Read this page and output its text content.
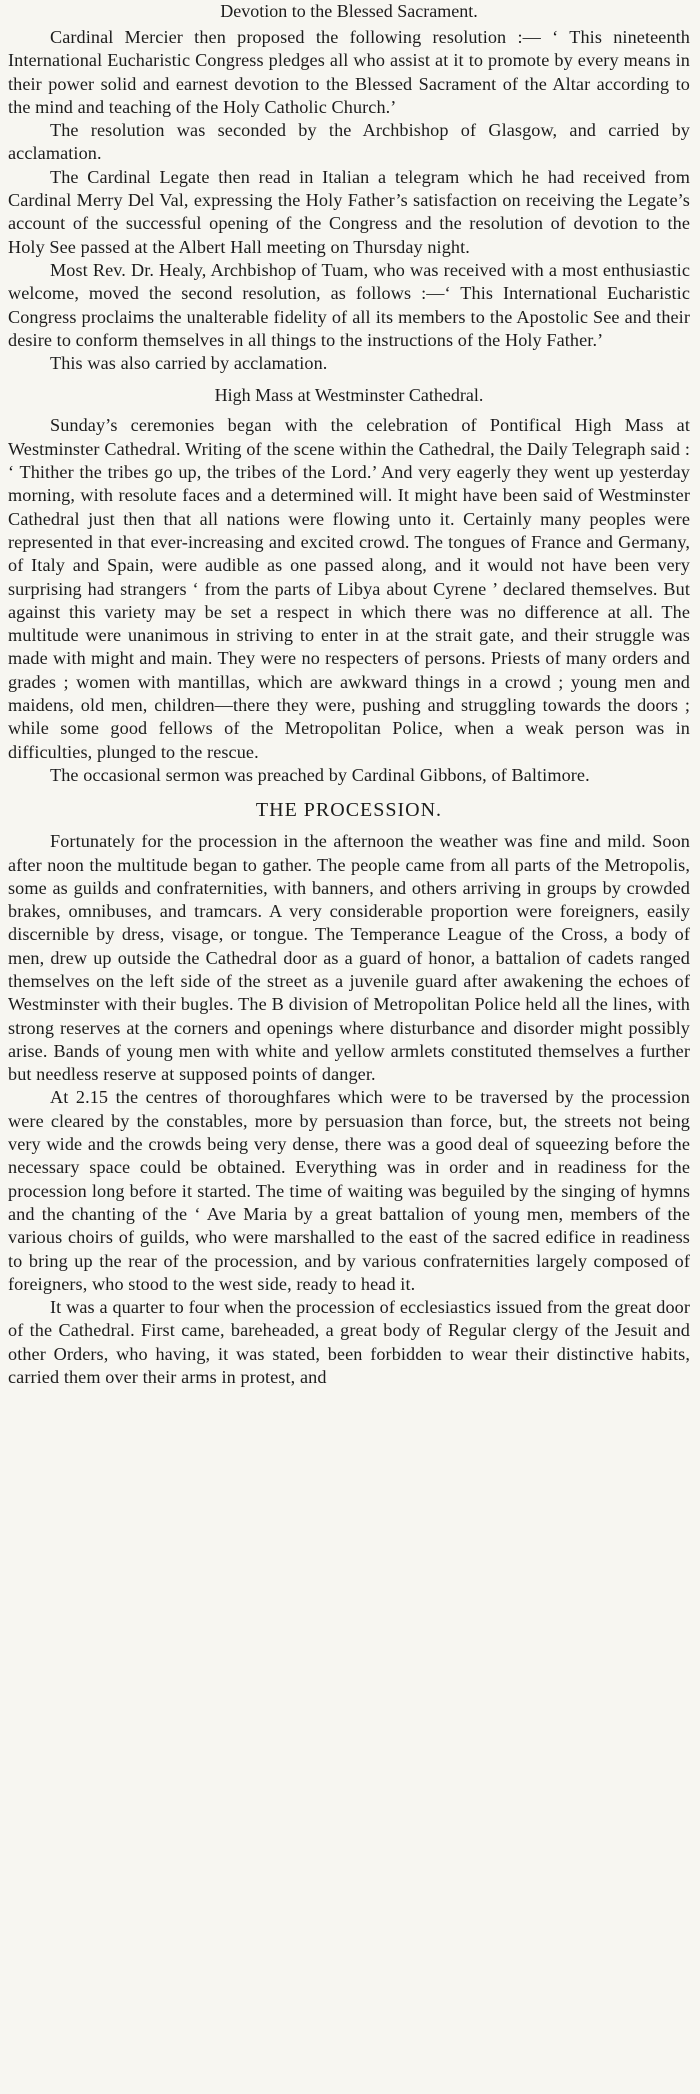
Devotion to the Blessed Sacrament.

Cardinal Mercier then proposed the following resolution :— ‘ This nineteenth International Eucharistic Congress pledges all who assist at it to promote by every means in their power solid and earnest devotion to the Blessed Sacrament of the Altar according to the mind and teaching of the Holy Catholic Church.’

The resolution was seconded by the Archbishop of Glasgow, and carried by acclamation.

The Cardinal Legate then read in Italian a telegram which he had received from Cardinal Merry Del Val, expressing the Holy Father’s satisfaction on receiving the Legate’s account of the successful opening of the Congress and the resolution of devotion to the Holy See passed at the Albert Hall meeting on Thursday night.

Most Rev. Dr. Healy, Archbishop of Tuam, who was received with a most enthusiastic welcome, moved the second resolution, as follows :—‘ This International Eucharistic Congress proclaims the unalterable fidelity of all its members to the Apostolic See and their desire to conform themselves in all things to the instructions of the Holy Father.’

This was also carried by acclamation.

High Mass at Westminster Cathedral.

Sunday’s ceremonies began with the celebration of Pontifical High Mass at Westminster Cathedral. Writing of the scene within the Cathedral, the Daily Telegraph said : ‘ Thither the tribes go up, the tribes of the Lord.’ And very eagerly they went up yesterday morning, with resolute faces and a determined will. It might have been said of Westminster Cathedral just then that all nations were flowing unto it. Certainly many peoples were represented in that ever-increasing and excited crowd. The tongues of France and Germany, of Italy and Spain, were audible as one passed along, and it would not have been very surprising had strangers ‘ from the parts of Libya about Cyrene ’ declared themselves. But against this variety may be set a respect in which there was no difference at all. The multitude were unanimous in striving to enter in at the strait gate, and their struggle was made with might and main. They were no respecters of persons. Priests of many orders and grades ; women with mantillas, which are awkward things in a crowd ; young men and maidens, old men, children—there they were, pushing and struggling towards the doors ; while some good fellows of the Metropolitan Police, when a weak person was in difficulties, plunged to the rescue.

The occasional sermon was preached by Cardinal Gibbons, of Baltimore.

THE PROCESSION.

Fortunately for the procession in the afternoon the weather was fine and mild. Soon after noon the multitude began to gather. The people came from all parts of the Metropolis, some as guilds and confraternities, with banners, and others arriving in groups by crowded brakes, omnibuses, and tramcars. A very considerable proportion were foreigners, easily discernible by dress, visage, or tongue. The Temperance League of the Cross, a body of men, drew up outside the Cathedral door as a guard of honor, a battalion of cadets ranged themselves on the left side of the street as a juvenile guard after awakening the echoes of Westminster with their bugles. The B division of Metropolitan Police held all the lines, with strong reserves at the corners and openings where disturbance and disorder might possibly arise. Bands of young men with white and yellow armlets constituted themselves a further but needless reserve at supposed points of danger.

At 2.15 the centres of thoroughfares which were to be traversed by the procession were cleared by the constables, more by persuasion than force, but, the streets not being very wide and the crowds being very dense, there was a good deal of squeezing before the necessary space could be obtained. Everything was in order and in readiness for the procession long before it started. The time of waiting was beguiled by the singing of hymns and the chanting of the ‘ Ave Maria by a great battalion of young men, members of the various choirs of guilds, who were marshalled to the east of the sacred edifice in readiness to bring up the rear of the procession, and by various confraternities largely composed of foreigners, who stood to the west side, ready to head it.

It was a quarter to four when the procession of ecclesiastics issued from the great door of the Cathedral. First came, bareheaded, a great body of Regular clergy of the Jesuit and other Orders, who having, it was stated, been forbidden to wear their distinctive habits, carried them over their arms in protest, and
